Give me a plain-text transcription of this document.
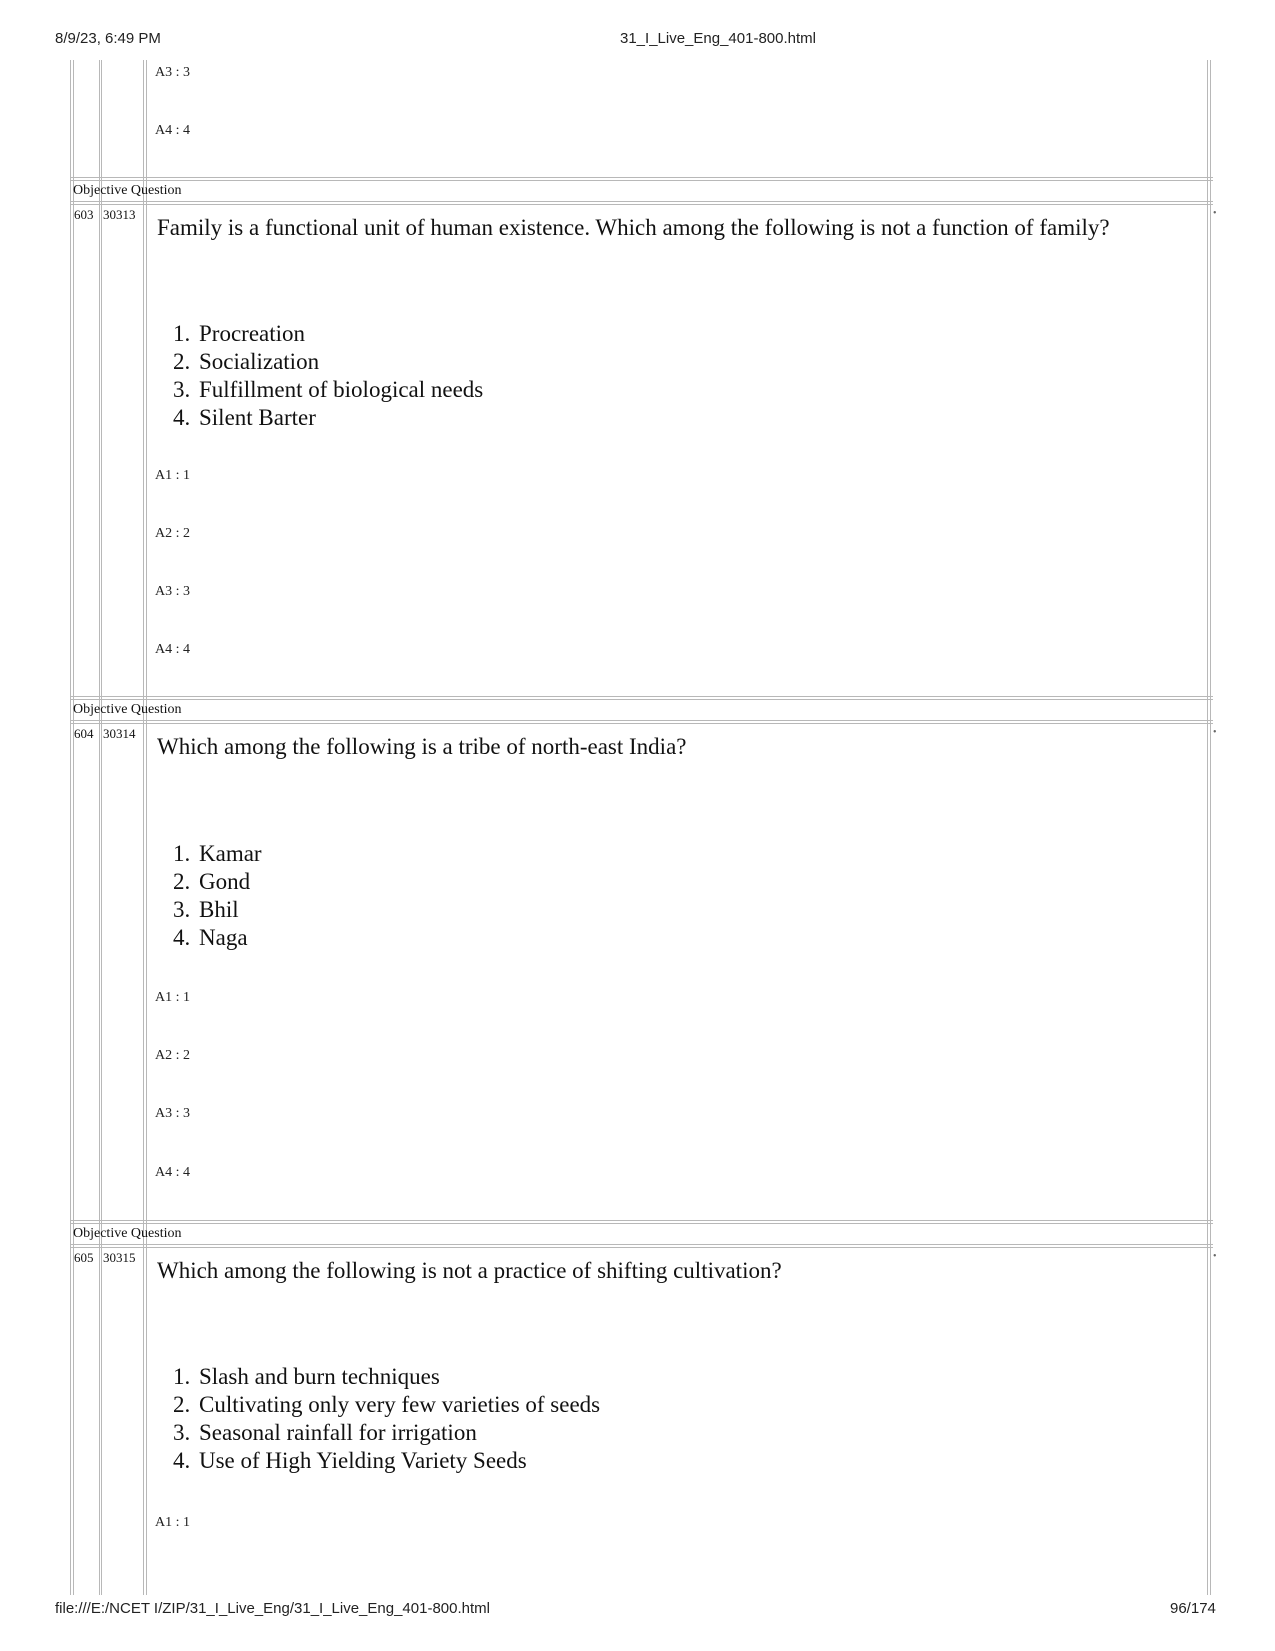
8/9/23, 6:49 PM	31_I_Live_Eng_401-800.html
A3 : 3
A4 : 4
Objective Question
603 30313	•
Family is a functional unit of human existence. Which among the following is not a function of family?
1. Procreation
2. Socialization
3. Fulfillment of biological needs
4. Silent Barter
A1 : 1
A2 : 2
A3 : 3
A4 : 4
Objective Question
604 30314	•
Which among the following is a tribe of north-east India?
1. Kamar
2. Gond
3. Bhil
4. Naga
A1 : 1
A2 : 2
A3 : 3
A4 : 4
Objective Question
605 30315	•
Which among the following is not a practice of shifting cultivation?
1. Slash and burn techniques
2. Cultivating only very few varieties of seeds
3. Seasonal rainfall for irrigation
4. Use of High Yielding Variety Seeds
A1 : 1
file:///E:/NCET I/ZIP/31_I_Live_Eng/31_I_Live_Eng_401-800.html	96/174
